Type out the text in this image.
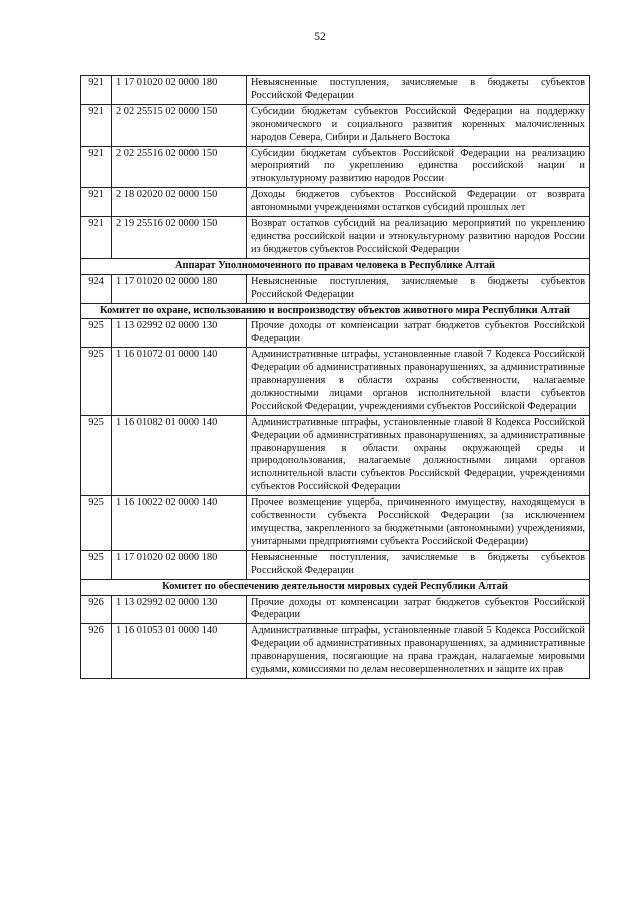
52
921	1 17 01020 02 0000 180	Невыясненные поступления, зачисляемые в бюджеты субъектов Российской Федерации
921	2 02 25515 02 0000 150	Субсидии бюджетам субъектов Российской Федерации на поддержку экономического и социального развития коренных малочисленных народов Севера, Сибири и Дальнего Востока
921	2 02 25516 02 0000 150	Субсидии бюджетам субъектов Российской Федерации на реализацию мероприятий по укреплению единства российской нации и этнокультурному развитию народов России
921	2 18 02020 02 0000 150	Доходы бюджетов субъектов Российской Федерации от возврата автономными учреждениями остатков субсидий прошлых лет
921	2 19 25516 02 0000 150	Возврат остатков субсидий на реализацию мероприятий по укреплению единства российской нации и этнокультурному развитию народов России из бюджетов субъектов Российской Федерации
Аппарат Уполномоченного по правам человека в Республике Алтай		
924	1 17 01020 02 0000 180	Невыясненные поступления, зачисляемые в бюджеты субъектов Российской Федерации
Комитет по охране, использованию и воспроизводству объектов животного мира Республики Алтай		
925	1 13 02992 02 0000 130	Прочие доходы от компенсации затрат бюджетов субъектов Российской Федерации
925	1 16 01072 01 0000 140	Административные штрафы, установленные главой 7 Кодекса Российской Федерации об административных правонарушениях, за административные правонарушения в области охраны собственности, налагаемые должностными лицами органов исполнительной власти субъектов Российской Федерации, учреждениями субъектов Российской Федерации
925	1 16 01082 01 0000 140	Административные штрафы, установленные главой 8 Кодекса Российской Федерации об административных правонарушениях, за административные правонарушения в области охраны окружающей среды и природопользования, налагаемые должностными лицами органов исполнительной власти субъектов Российской Федерации, учреждениями субъектов Российской Федерации
925	1 16 10022 02 0000 140	Прочее возмещение ущерба, причиненного имуществу, находящемуся в собственности субъекта Российской Федерации (за исключением имущества, закрепленного за бюджетными (автономными) учреждениями, унитарными предприятиями субъекта Российской Федерации)
925	1 17 01020 02 0000 180	Невыясненные поступления, зачисляемые в бюджеты субъектов Российской Федерации
Комитет по обеспечению деятельности мировых судей Республики Алтай		
926	1 13 02992 02 0000 130	Прочие доходы от компенсации затрат бюджетов субъектов Российской Федерации
926	1 16 01053 01 0000 140	Административные штрафы, установленные главой 5 Кодекса Российской Федерации об административных правонарушениях, за административные правонарушения, посягающие на права граждан, налагаемые мировыми судьями, комиссиями по делам несовершеннолетних и защите их прав
